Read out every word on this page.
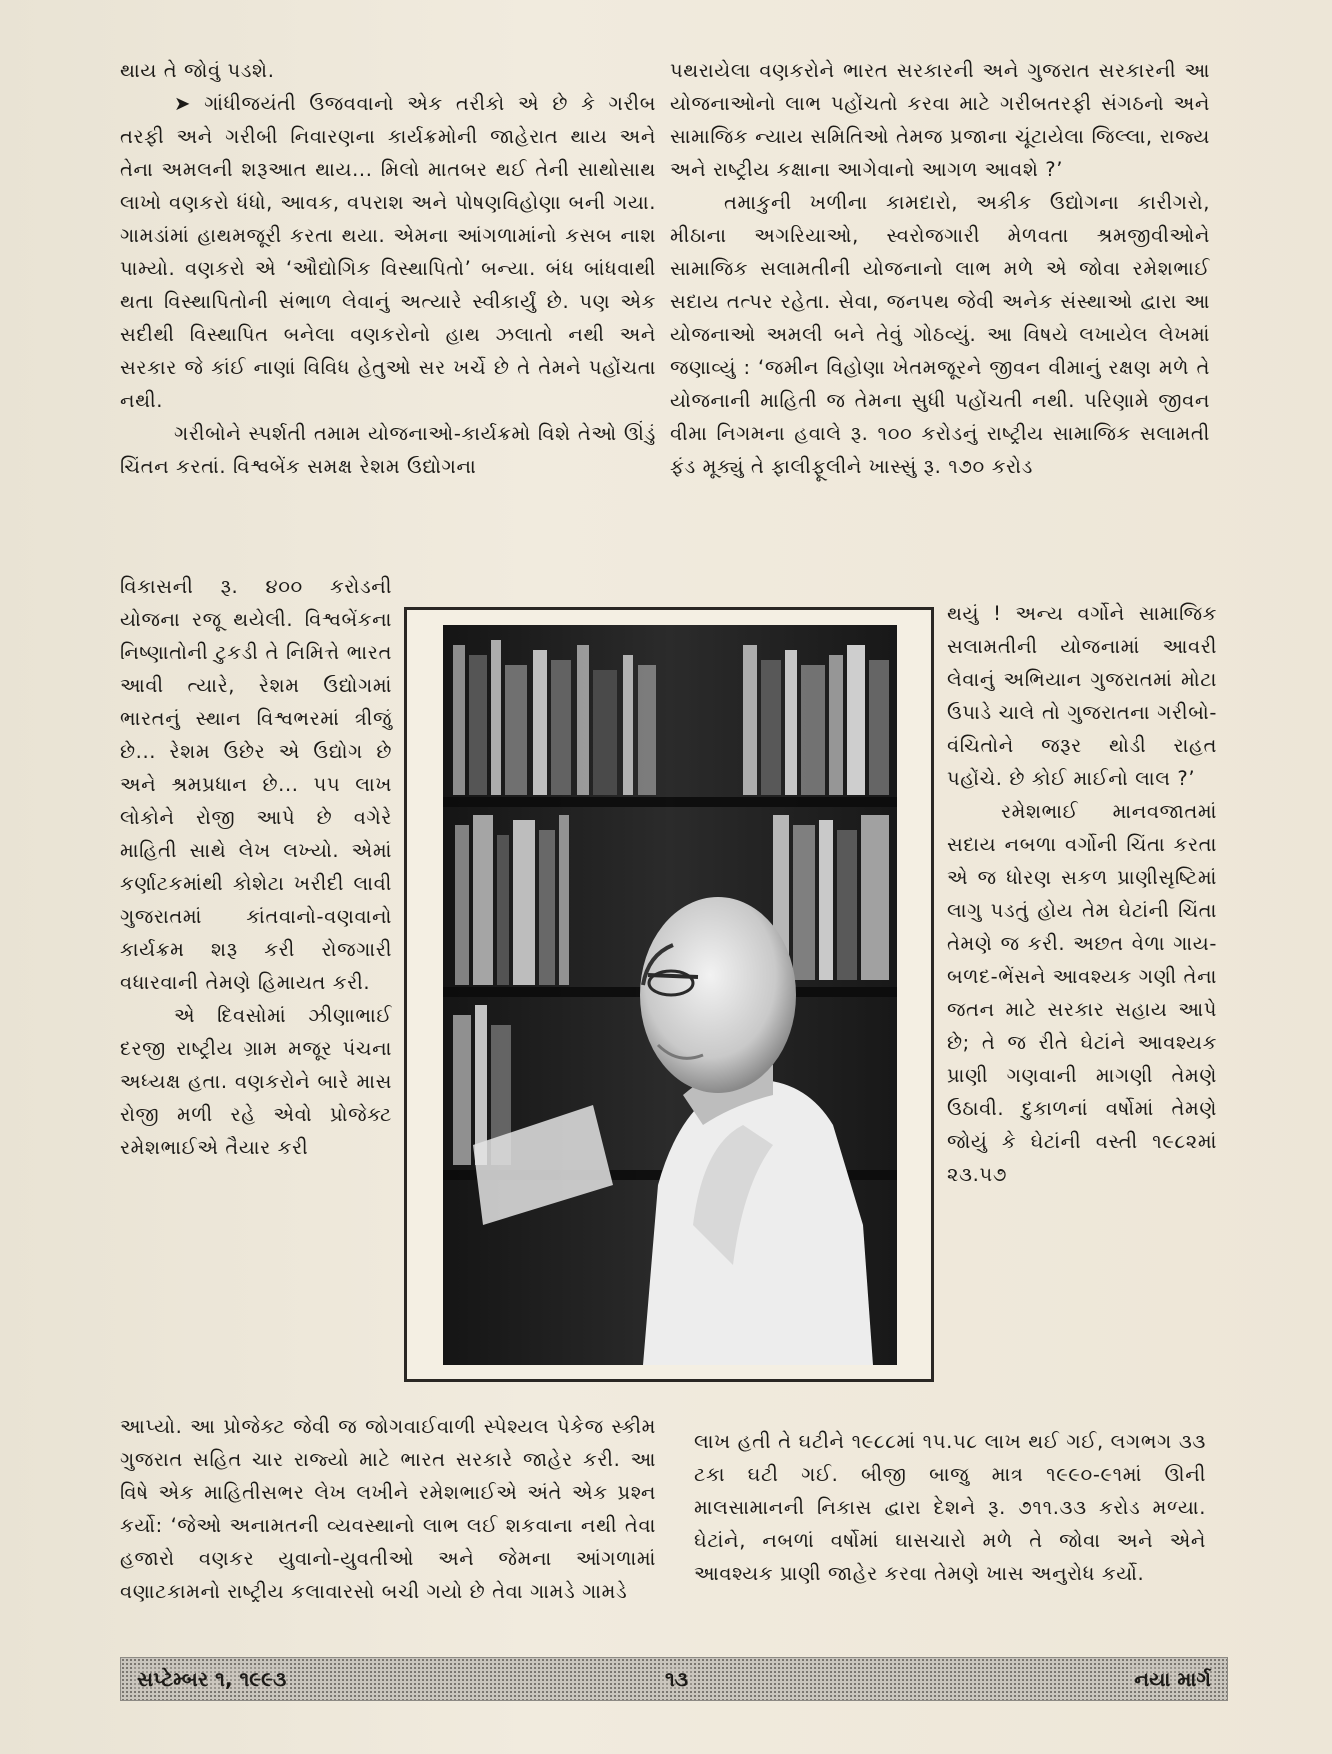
થાય તે જોવું પડશે.

➤ ગાંધીજયંતી ઉજવવાનો એક તરીકો એ છે કે ગરીબ તરફી અને ગરીબી નિવારણના કાર્યક્રમોની જાહેરાત થાય અને તેના અમલની શરૂઆત થાય... મિલો માતબર થઈ તેની સાથોસાથ લાખો વણકરો ધંધો, આવક, વપરાશ અને પોષણવિહોણા બની ગયા. ગામડાંમાં હાથમજૂરી કરતા થયા. એમના આંગળામાંનો કસબ નાશ પામ્યો. વણકરો એ ‘ઔદ્યોગિક વિસ્થાપિતો’ બન્યા. બંધ બાંધવાથી થતા વિસ્થાપિતોની સંભાળ લેવાનું અત્યારે સ્વીકાર્યું છે. પણ એક સદીથી વિસ્થાપિત બનેલા વણકરોનો હાથ ઝલાતો નથી અને સરકાર જે કાંઈ નાણાં વિવિધ હેતુઓ સર ખર્ચે છે તે તેમને પહોંચતા નથી.

ગરીબોને સ્પર્શતી તમામ યોજનાઓ-કાર્યક્રમો વિશે તેઓ ઊંડું ચિંતન કરતાં. વિશ્વબેંક સમક્ષ રેશમ ઉદ્યોગના

વિકાસની રૂ. ૪૦૦ કરોડની યોજના રજૂ થયેલી. વિશ્વબેંકના નિષ્ણાતોની ટુકડી તે નિમિત્તે ભારત આવી ત્યારે, રેશમ ઉદ્યોગમાં ભારતનું સ્થાન વિશ્વભરમાં ત્રીજું છે... રેશમ ઉછેર એ ઉદ્યોગ છે અને શ્રમપ્રધાન છે... ૫૫ લાખ લોકોને રોજી આપે છે વગેરે માહિતી સાથે લેખ લખ્યો. એમાં કર્ણાટકમાંથી કોશેટા ખરીદી લાવી ગુજરાતમાં કાંતવાનો-વણવાનો કાર્યક્રમ શરૂ કરી રોજગારી વધારવાની તેમણે હિમાયત કરી.

એ દિવસોમાં ઝીણાભાઈ દરજી રાષ્ટ્રીય ગ્રામ મજૂર પંચના અધ્યક્ષ હતા. વણકરોને બારે માસ રોજી મળી રહે એવો પ્રોજેક્ટ રમેશભાઈએ તૈયાર કરી

આપ્યો. આ પ્રોજેક્ટ જેવી જ જોગવાઈવાળી સ્પેશ્યલ પેકેજ સ્કીમ ગુજરાત સહિત ચાર રાજ્યો માટે ભારત સરકારે જાહેર કરી. આ વિષે એક માહિતીસભર લેખ લખીને રમેશભાઈએ અંતે એક પ્રશ્ન કર્યો: ‘જેઓ અનામતની વ્યવસ્થાનો લાભ લઈ શકવાના નથી તેવા હજારો વણકર યુવાનો-યુવતીઓ અને જેમના આંગળામાં વણાટકામનો રાષ્ટ્રીય કલાવારસો બચી ગયો છે તેવા ગામડે ગામડે

પથરાયેલા વણકરોને ભારત સરકારની અને ગુજરાત સરકારની આ યોજનાઓનો લાભ પહોંચતો કરવા માટે ગરીબતરફી સંગઠનો અને સામાજિક ન્યાય સમિતિઓ તેમજ પ્રજાના ચૂંટાયેલા જિલ્લા, રાજ્ય અને રાષ્ટ્રીય કક્ષાના આગેવાનો આગળ આવશે ?’

તમાકુની ખળીના કામદારો, અકીક ઉદ્યોગના કારીગરો, મીઠાના અગરિયાઓ, સ્વરોજગારી મેળવતા શ્રમજીવીઓને સામાજિક સલામતીની યોજનાનો લાભ મળે એ જોવા રમેશભાઈ સદાય તત્પર રહેતા. સેવા, જનપથ જેવી અનેક સંસ્થાઓ દ્વારા આ યોજનાઓ અમલી બને તેવું ગોઠવ્યું. આ વિષયે લખાયેલ લેખમાં જણાવ્યું : ‘જમીન વિહોણા ખેતમજૂરને જીવન વીમાનું રક્ષણ મળે તે યોજનાની માહિતી જ તેમના સુધી પહોંચતી નથી. પરિણામે જીવન વીમા નિગમના હવાલે રૂ. ૧૦૦ કરોડનું રાષ્ટ્રીય સામાજિક સલામતી ફંડ મૂક્યું તે ફાલીફૂલીને ખાસ્સું રૂ. ૧૭૦ કરોડ

થયું ! અન્ય વર્ગોને સામાજિક સલામતીની યોજનામાં આવરી લેવાનું અભિયાન ગુજરાતમાં મોટા ઉપાડે ચાલે તો ગુજરાતના ગરીબો-વંચિતોને જરૂર થોડી રાહત પહોંચે. છે કોઈ માઈનો લાલ ?’

રમેશભાઈ માનવજાતમાં સદાય નબળા વર્ગોની ચિંતા કરતા એ જ ધોરણ સકળ પ્રાણીસૃષ્ટિમાં લાગુ પડતું હોય તેમ ઘેટાંની ચિંતા તેમણે જ કરી. અછત વેળા ગાય-બળદ-ભેંસને આવશ્યક ગણી તેના જતન માટે સરકાર સહાય આપે છે; તે જ રીતે ઘેટાંને આવશ્યક પ્રાણી ગણવાની માગણી તેમણે ઉઠાવી. દુકાળનાં વર્ષોમાં તેમણે જોયું કે ઘેટાંની વસ્તી ૧૯૮૨માં ૨૩.૫૭

લાખ હતી તે ઘટીને ૧૯૮૮માં ૧૫.૫૮ લાખ થઈ ગઈ, લગભગ ૩૩ ટકા ઘટી ગઈ. બીજી બાજુ માત્ર ૧૯૯૦-૯૧માં ઊની માલસામાનની નિકાસ દ્વારા દેશને રૂ. ૭૧૧.૩૩ કરોડ મળ્યા. ઘેટાંને, નબળાં વર્ષોમાં ઘાસચારો મળે તે જોવા અને એને આવશ્યક પ્રાણી જાહેર કરવા તેમણે ખાસ અનુરોધ કર્યો.

સપ્ટેમ્બર ૧, ૧૯૯૩	૧૩	નયા માર્ગ
